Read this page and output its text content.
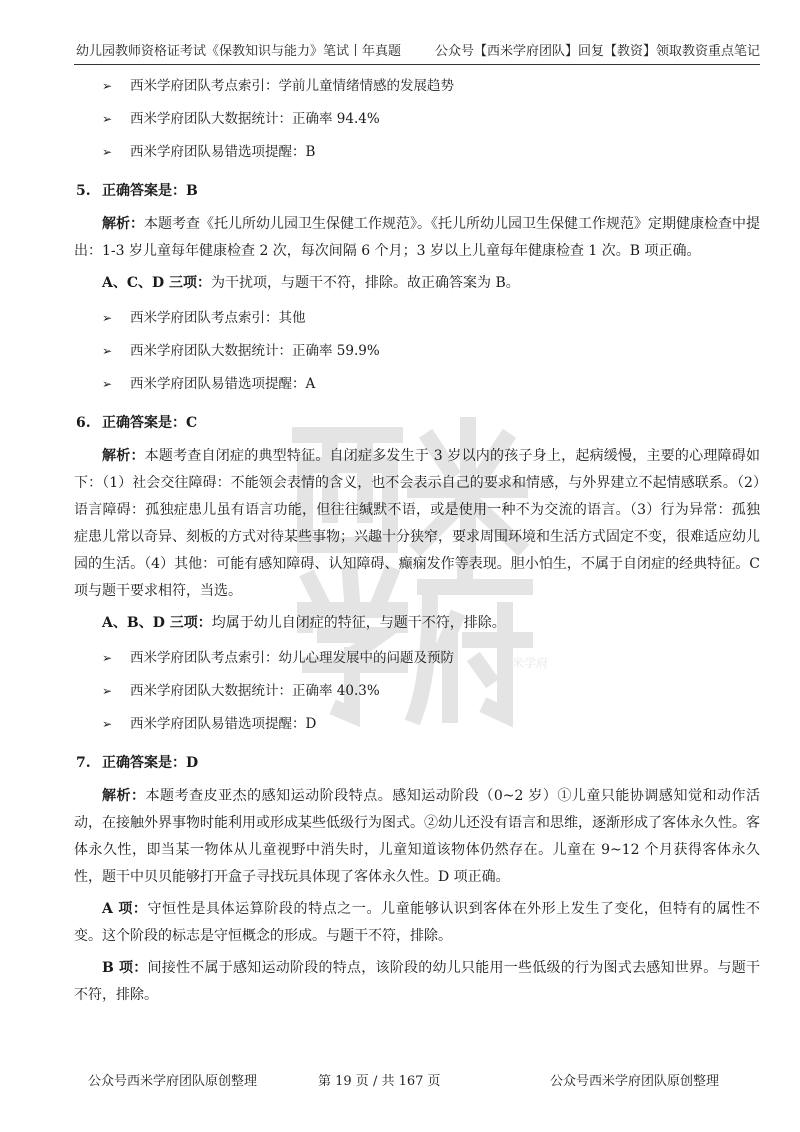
幼儿园教师资格证考试《保教知识与能力》笔试丨年真题	公众号【西米学府团队】回复【教资】领取教资重点笔记
西米学府
➢ 西米学府团队考点索引：学前儿童情绪情感的发展趋势
➢ 西米学府团队大数据统计：正确率 94.4%
➢ 西米学府团队易错选项提醒：B
5. 正确答案是：B

解析：本题考查《托儿所幼儿园卫生保健工作规范》。《托儿所幼儿园卫生保健工作规范》定期健康检查中提出：1-3 岁儿童每年健康检查 2 次，每次间隔 6 个月；3 岁以上儿童每年健康检查 1 次。B 项正确。

A、C、D 三项：为干扰项，与题干不符，排除。故正确答案为 B。

➢ 西米学府团队考点索引：其他
➢ 西米学府团队大数据统计：正确率 59.9%
➢ 西米学府团队易错选项提醒：A
6. 正确答案是：C

解析：本题考查自闭症的典型特征。自闭症多发生于 3 岁以内的孩子身上，起病缓慢，主要的心理障碍如下：（1）社会交往障碍：不能领会表情的含义，也不会表示自己的要求和情感，与外界建立不起情感联系。（2）语言障碍：孤独症患儿虽有语言功能，但往往缄默不语，或是使用一种不为交流的语言。（3）行为异常：孤独症患儿常以奇异、刻板的方式对待某些事物；兴趣十分狭窄，要求周围环境和生活方式固定不变，很难适应幼儿园的生活。（4）其他：可能有感知障碍、认知障碍、癫痫发作等表现。胆小怕生，不属于自闭症的经典特征。C 项与题干要求相符，当选。

A、B、D 三项：均属于幼儿自闭症的特征，与题干不符，排除。

➢ 西米学府团队考点索引：幼儿心理发展中的问题及预防
➢ 西米学府团队大数据统计：正确率 40.3%
➢ 西米学府团队易错选项提醒：D
7. 正确答案是：D

解析：本题考查皮亚杰的感知运动阶段特点。感知运动阶段（0~2 岁）①儿童只能协调感知觉和动作活动，在接触外界事物时能利用或形成某些低级行为图式。②幼儿还没有语言和思维，逐渐形成了客体永久性。客体永久性，即当某一物体从儿童视野中消失时，儿童知道该物体仍然存在。儿童在 9~12 个月获得客体永久性，题干中贝贝能够打开盒子寻找玩具体现了客体永久性。D 项正确。

A 项：守恒性是具体运算阶段的特点之一。儿童能够认识到客体在外形上发生了变化，但特有的属性不变。这个阶段的标志是守恒概念的形成。与题干不符，排除。

B 项：间接性不属于感知运动阶段的特点，该阶段的幼儿只能用一些低级的行为图式去感知世界。与题干不符，排除。

公众号西米学府团队原创整理	第 19 页 / 共 167 页	公众号西米学府团队原创整理
